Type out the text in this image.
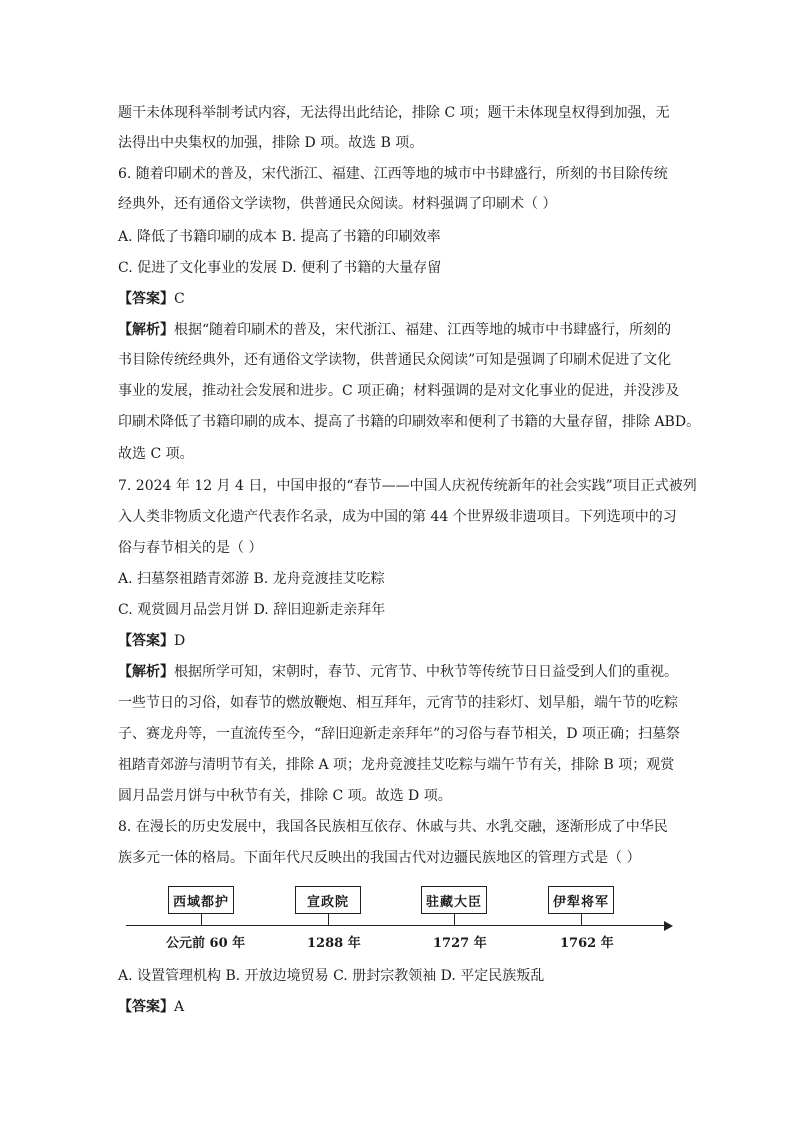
题干未体现科举制考试内容，无法得出此结论，排除 C 项；题干未体现皇权得到加强，无
法得出中央集权的加强，排除 D 项。故选 B 项。
6. 随着印刷术的普及，宋代浙江、福建、江西等地的城市中书肆盛行，所刻的书目除传统
经典外，还有通俗文学读物，供普通民众阅读。材料强调了印刷术（ ）
A. 降低了书籍印刷的成本 B. 提高了书籍的印刷效率
C. 促进了文化事业的发展 D. 便利了书籍的大量存留
【答案】C
【解析】根据“随着印刷术的普及，宋代浙江、福建、江西等地的城市中书肆盛行，所刻的
书目除传统经典外，还有通俗文学读物，供普通民众阅读”可知是强调了印刷术促进了文化
事业的发展，推动社会发展和进步。C 项正确；材料强调的是对文化事业的促进，并没涉及
印刷术降低了书籍印刷的成本、提高了书籍的印刷效率和便利了书籍的大量存留，排除 ABD。
故选 C 项。
7. 2024 年 12 月 4 日，中国申报的“春节——中国人庆祝传统新年的社会实践”项目正式被列
入人类非物质文化遗产代表作名录，成为中国的第 44 个世界级非遗项目。下列选项中的习
俗与春节相关的是（ ）
A. 扫墓祭祖踏青郊游 B. 龙舟竞渡挂艾吃粽
C. 观赏圆月品尝月饼 D. 辞旧迎新走亲拜年
【答案】D
【解析】根据所学可知，宋朝时，春节、元宵节、中秋节等传统节日日益受到人们的重视。
一些节日的习俗，如春节的燃放鞭炮、相互拜年，元宵节的挂彩灯、划旱船，端午节的吃粽
子、赛龙舟等，一直流传至今，“辞旧迎新走亲拜年”的习俗与春节相关，D 项正确；扫墓祭
祖踏青郊游与清明节有关，排除 A 项；龙舟竞渡挂艾吃粽与端午节有关，排除 B 项；观赏
圆月品尝月饼与中秋节有关，排除 C 项。故选 D 项。
8. 在漫长的历史发展中，我国各民族相互依存、休戚与共、水乳交融，逐渐形成了中华民
族多元一体的格局。下面年代尺反映出的我国古代对边疆民族地区的管理方式是（ ）
西域都护	宣政院	驻藏大臣	伊犁将军
公元前 60 年	1288 年	1727 年	1762 年
A. 设置管理机构 B. 开放边境贸易 C. 册封宗教领袖 D. 平定民族叛乱
【答案】A
